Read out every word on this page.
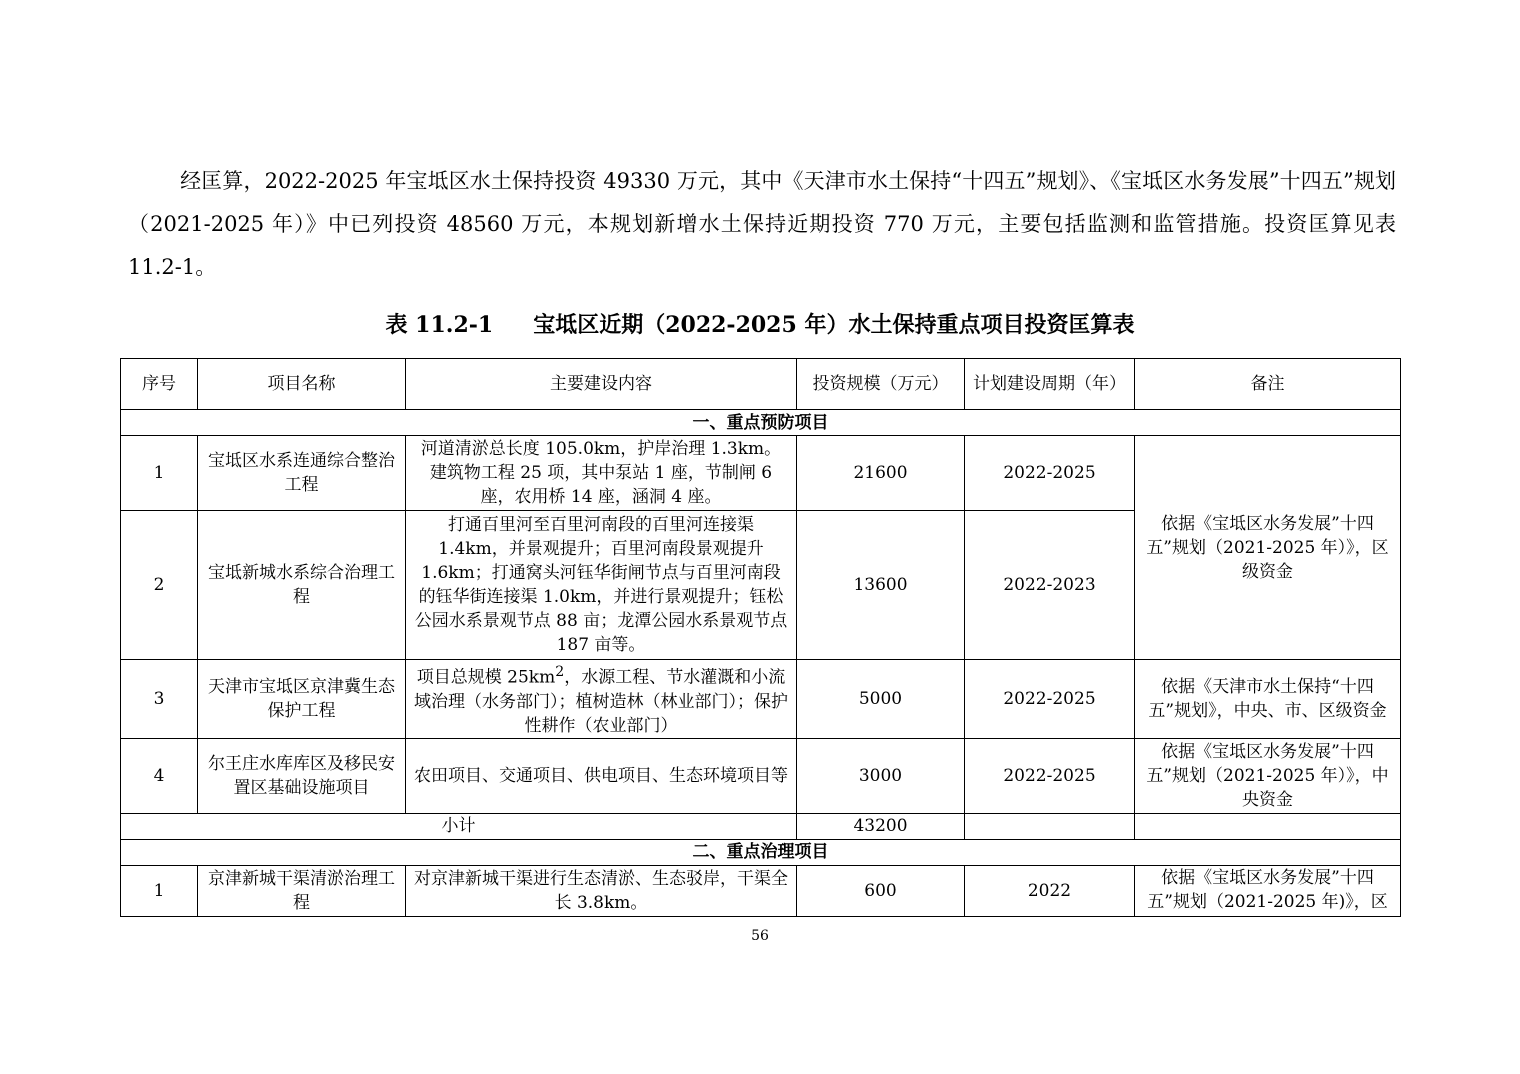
经匡算，2022-2025 年宝坻区水土保持投资 49330 万元，其中《天津市水土保持“十四五”规划》、《宝坻区水务发展”十四五”规划（2021-2025 年）》中已列投资 48560 万元，本规划新增水土保持近期投资 770 万元，主要包括监测和监管措施。投资匡算见表 11.2-1。

表 11.2-1 宝坻区近期（2022-2025 年）水土保持重点项目投资匡算表
序号	项目名称	主要建设内容	投资规模（万元）	计划建设周期（年）	备注
一、重点预防项目					
1	宝坻区水系连通综合整治工程	河道清淤总长度 105.0km，护岸治理 1.3km。建筑物工程 25 项，其中泵站 1 座，节制闸 6 座，农用桥 14 座，涵洞 4 座。	21600	2022-2025	依据《宝坻区水务发展”十四五”规划（2021-2025 年）》，区级资金
2	宝坻新城水系综合治理工程	打通百里河至百里河南段的百里河连接渠 1.4km，并景观提升；百里河南段景观提升 1.6km；打通窝头河钰华街闸节点与百里河南段的钰华街连接渠 1.0km，并进行景观提升；钰松公园水系景观节点 88 亩；龙潭公园水系景观节点 187 亩等。	13600	2022-2023	
3	天津市宝坻区京津冀生态保护工程	项目总规模 $25km^2$，水源工程、节水灌溉和小流域治理（水务部门）；植树造林（林业部门）；保护性耕作（农业部门）	5000	2022-2025	依据《天津市水土保持“十四五”规划》，中央、市、区级资金
4	尔王庄水库库区及移民安置区基础设施项目	农田项目、交通项目、供电项目、生态环境项目等	3000	2022-2025	依据《宝坻区水务发展”十四五”规划（2021-2025 年）》，中央资金
小计			43200		
二、重点治理项目					
1	京津新城干渠清淤治理工程	对京津新城干渠进行生态清淤、生态驳岸，干渠全长 3.8km。	600	2022	依据《宝坻区水务发展”十四五”规划（2021-2025 年)》，区
56
